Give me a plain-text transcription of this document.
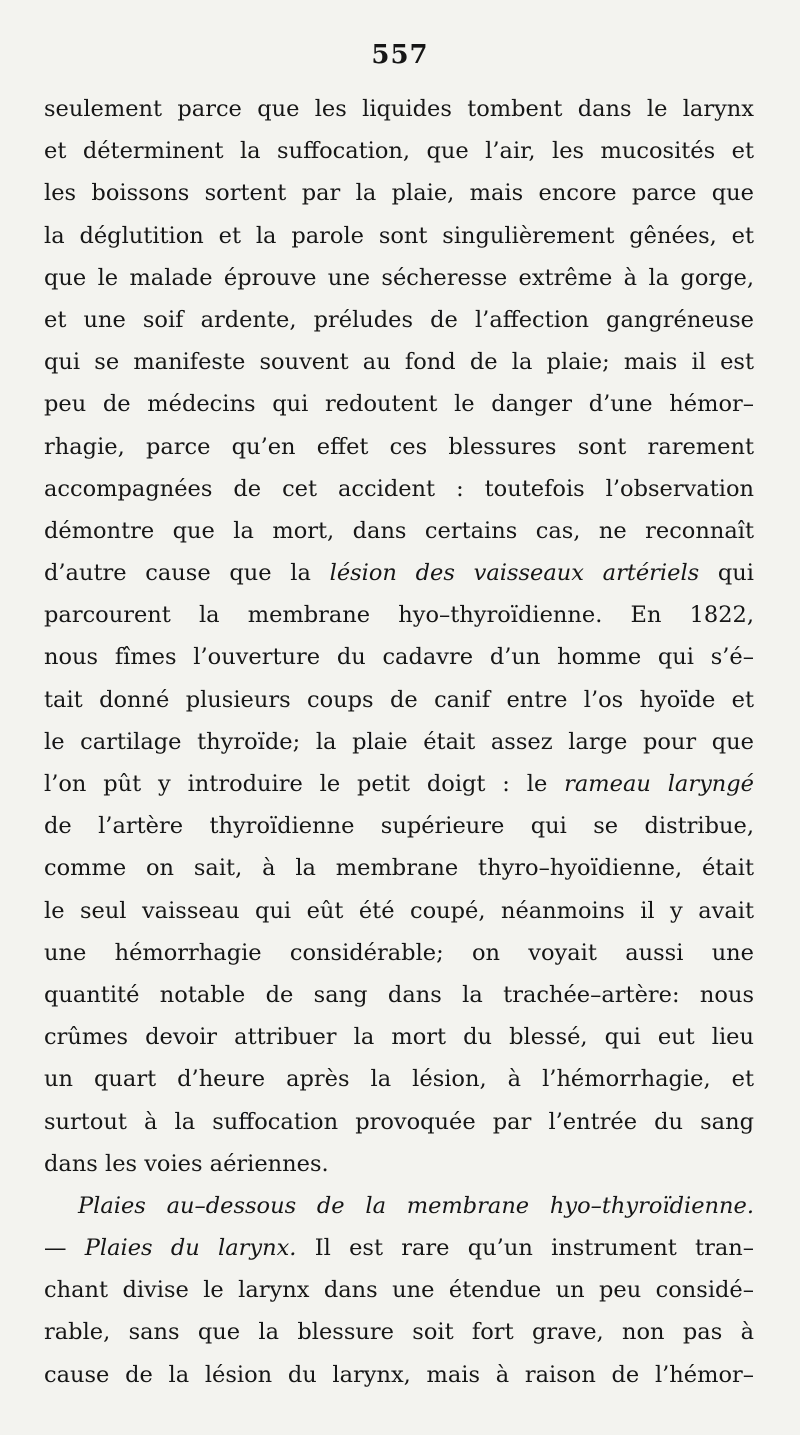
557
seulement parce que les liquides tombent dans le larynx
et déterminent la suffocation, que l’air, les mucosités et
les boissons sortent par la plaie, mais encore parce que
la déglutition et la parole sont singulièrement gênées, et
que le malade éprouve une sécheresse extrême à la gorge,
et une soif ardente, préludes de l’affection gangréneuse
qui se manifeste souvent au fond de la plaie; mais il est
peu de médecins qui redoutent le danger d’une hémor–
rhagie, parce qu’en effet ces blessures sont rarement
accompagnées de cet accident : toutefois l’observation
démontre que la mort, dans certains cas, ne reconnaît
d’autre cause que la lésion des vaisseaux artériels qui
parcourent la membrane hyo–thyroïdienne. En 1822,
nous fîmes l’ouverture du cadavre d’un homme qui s’é–
tait donné plusieurs coups de canif entre l’os hyoïde et
le cartilage thyroïde; la plaie était assez large pour que
l’on pût y introduire le petit doigt : le rameau laryngé
de l’artère thyroïdienne supérieure qui se distribue,
comme on sait, à la membrane thyro–hyoïdienne, était
le seul vaisseau qui eût été coupé, néanmoins il y avait
une hémorrhagie considérable; on voyait aussi une
quantité notable de sang dans la trachée–artère: nous
crûmes devoir attribuer la mort du blessé, qui eut lieu
un quart d’heure après la lésion, à l’hémorrhagie, et
surtout à la suffocation provoquée par l’entrée du sang
dans les voies aériennes.
Plaies au–dessous de la membrane hyo–thyroïdienne.
— Plaies du larynx. Il est rare qu’un instrument tran–
chant divise le larynx dans une étendue un peu considé–
rable, sans que la blessure soit fort grave, non pas à
cause de la lésion du larynx, mais à raison de l’hémor–
